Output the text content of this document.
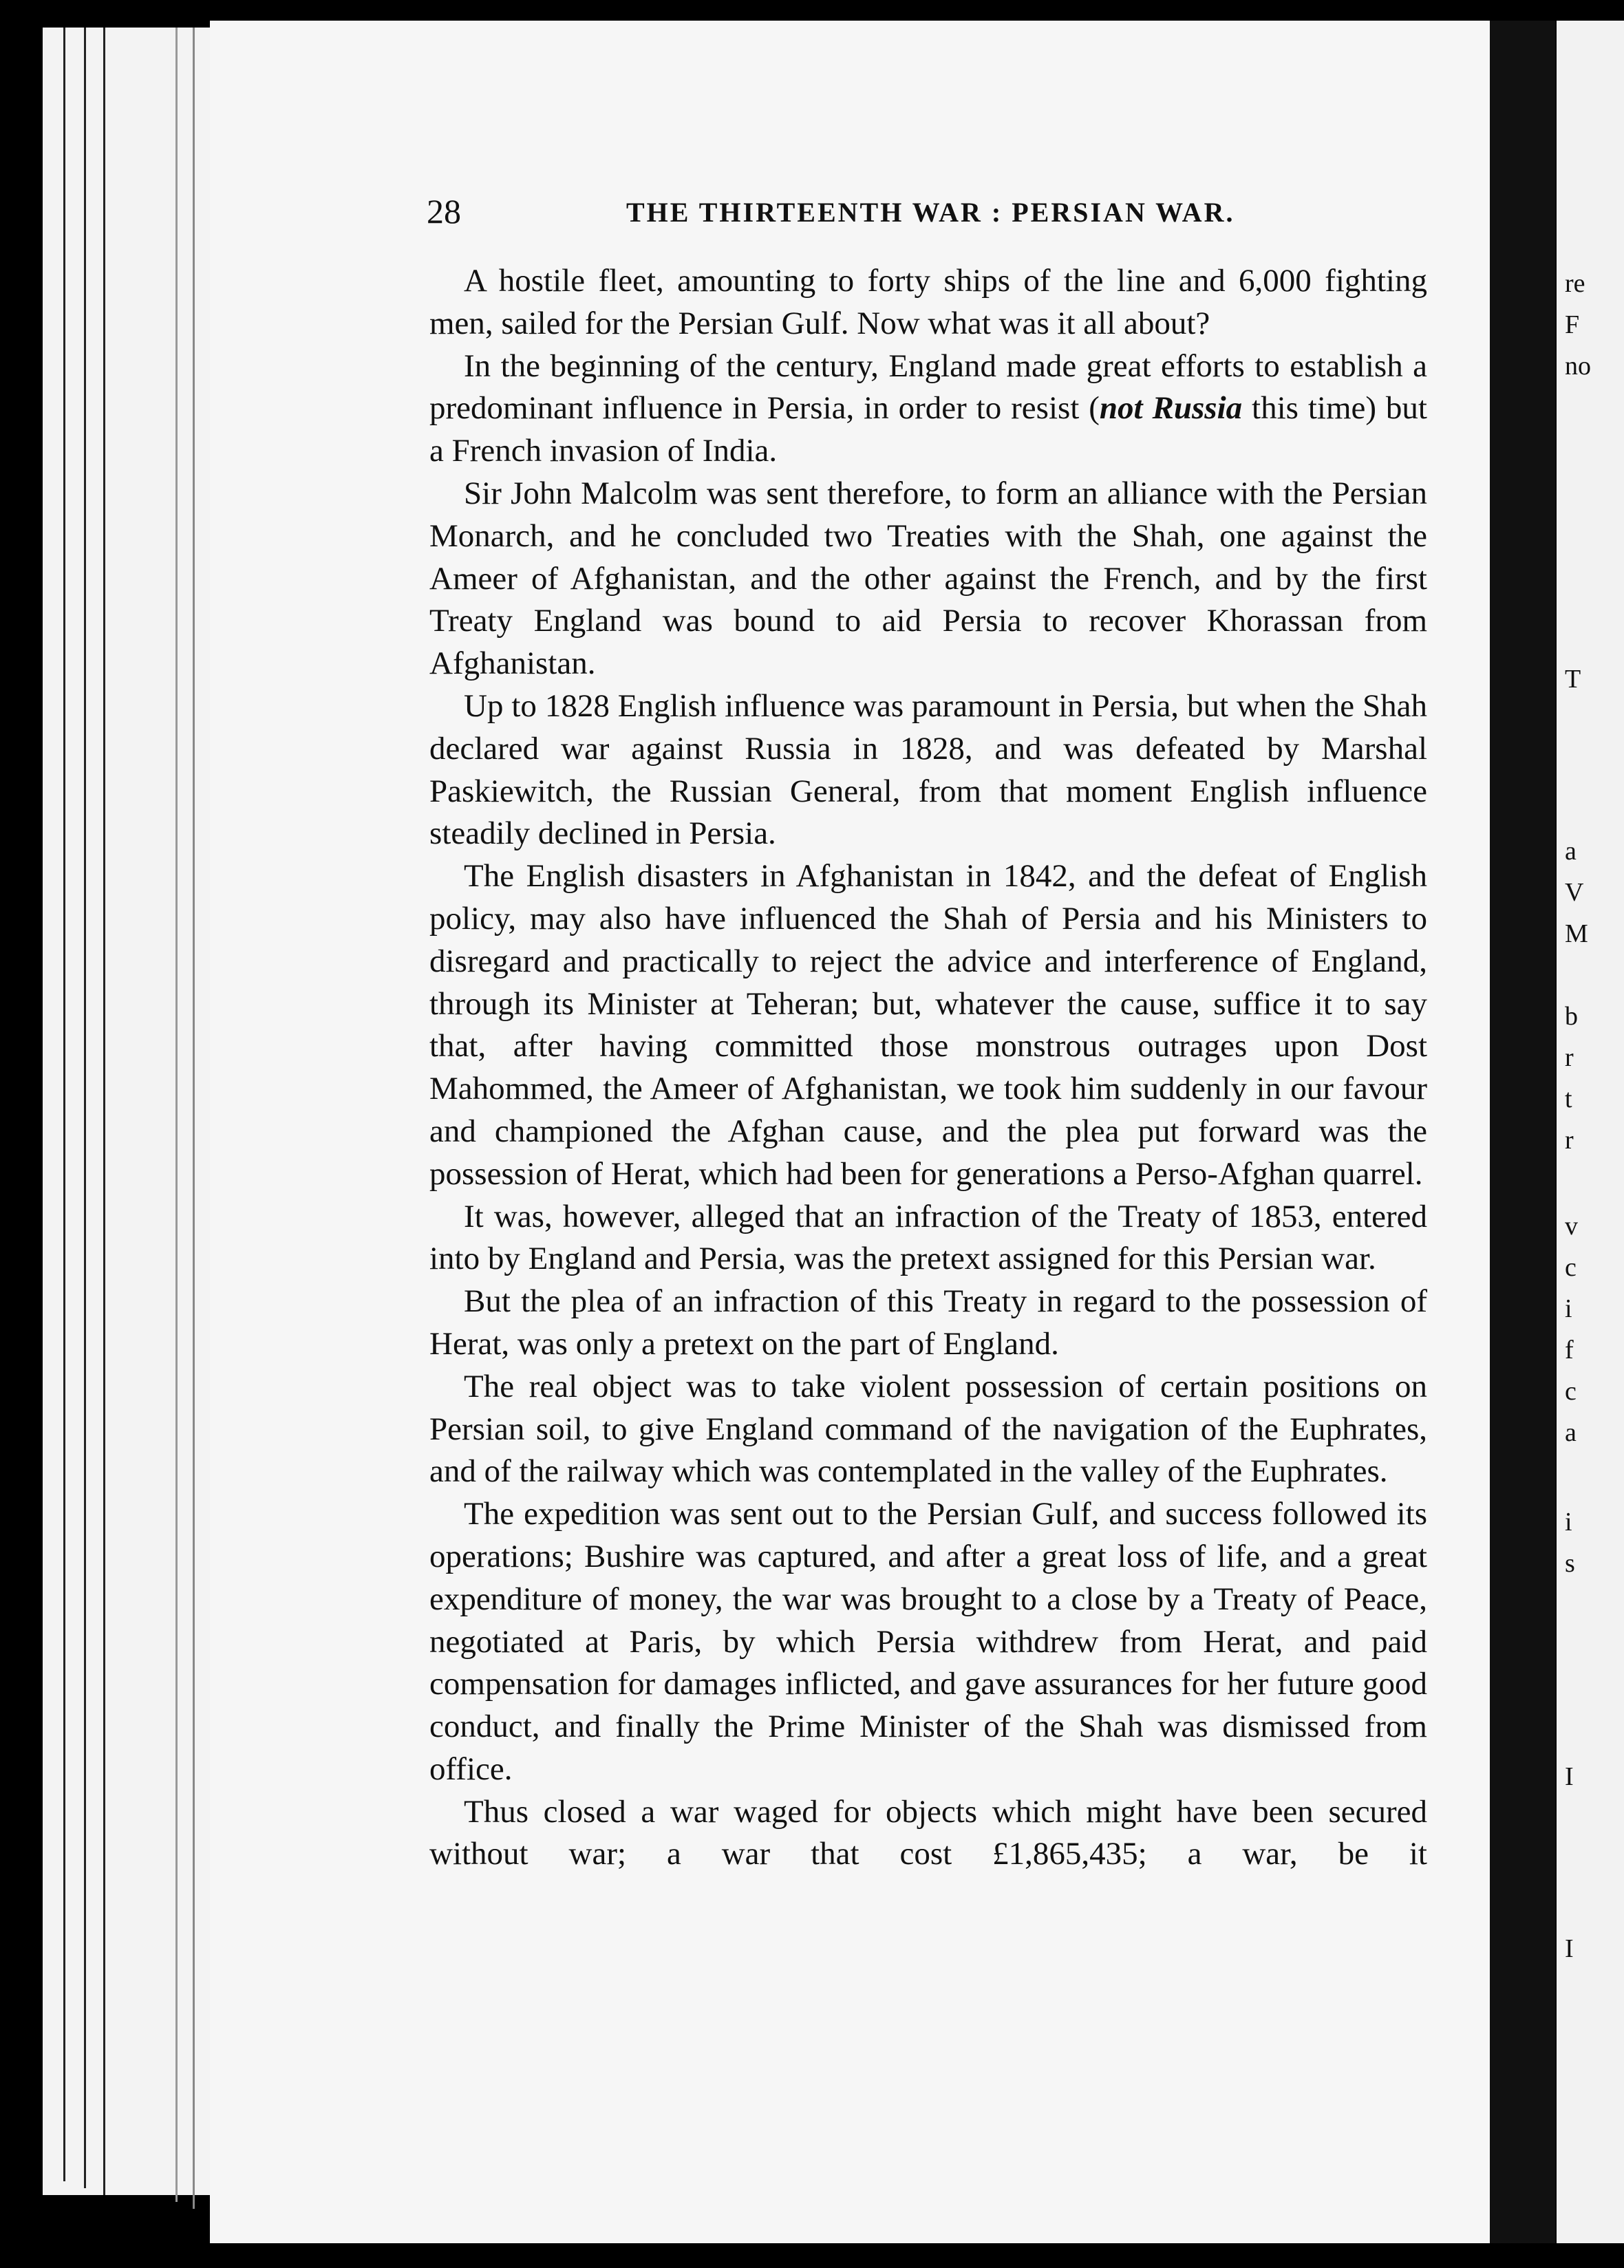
re
F
no
T
a
V
M
b
r
t
r
v
c
i
f
c
a
i
s
I
I
28	THE THIRTEENTH WAR : PERSIAN WAR.

A hostile fleet, amounting to forty ships of the line and 6,000 fighting men, sailed for the Persian Gulf. Now what was it all about?

In the beginning of the century, England made great efforts to establish a predominant influence in Persia, in order to resist (not Russia this time) but a French invasion of India.

Sir John Malcolm was sent therefore, to form an alliance with the Persian Monarch, and he concluded two Treaties with the Shah, one against the Ameer of Afghanistan, and the other against the French, and by the first Treaty England was bound to aid Persia to recover Khorassan from Afghanistan.

Up to 1828 English influence was paramount in Persia, but when the Shah declared war against Russia in 1828, and was defeated by Marshal Paskiewitch, the Russian General, from that moment English influence steadily declined in Persia.

The English disasters in Afghanistan in 1842, and the defeat of English policy, may also have influenced the Shah of Persia and his Ministers to disregard and practically to reject the advice and interference of England, through its Minister at Teheran; but, whatever the cause, suffice it to say that, after having committed those monstrous outrages upon Dost Mahommed, the Ameer of Afghanistan, we took him suddenly in our favour and championed the Afghan cause, and the plea put forward was the possession of Herat, which had been for generations a Perso-Afghan quarrel.

It was, however, alleged that an infraction of the Treaty of 1853, entered into by England and Persia, was the pretext assigned for this Persian war.

But the plea of an infraction of this Treaty in regard to the possession of Herat, was only a pretext on the part of England.

The real object was to take violent possession of certain positions on Persian soil, to give England command of the navigation of the Euphrates, and of the railway which was contemplated in the valley of the Euphrates.

The expedition was sent out to the Persian Gulf, and success followed its operations; Bushire was captured, and after a great loss of life, and a great expenditure of money, the war was brought to a close by a Treaty of Peace, negotiated at Paris, by which Persia withdrew from Herat, and paid compensation for damages inflicted, and gave assurances for her future good conduct, and finally the Prime Minister of the Shah was dismissed from office.

Thus closed a war waged for objects which might have been secured without war; a war that cost £1,865,435; a war, be it
